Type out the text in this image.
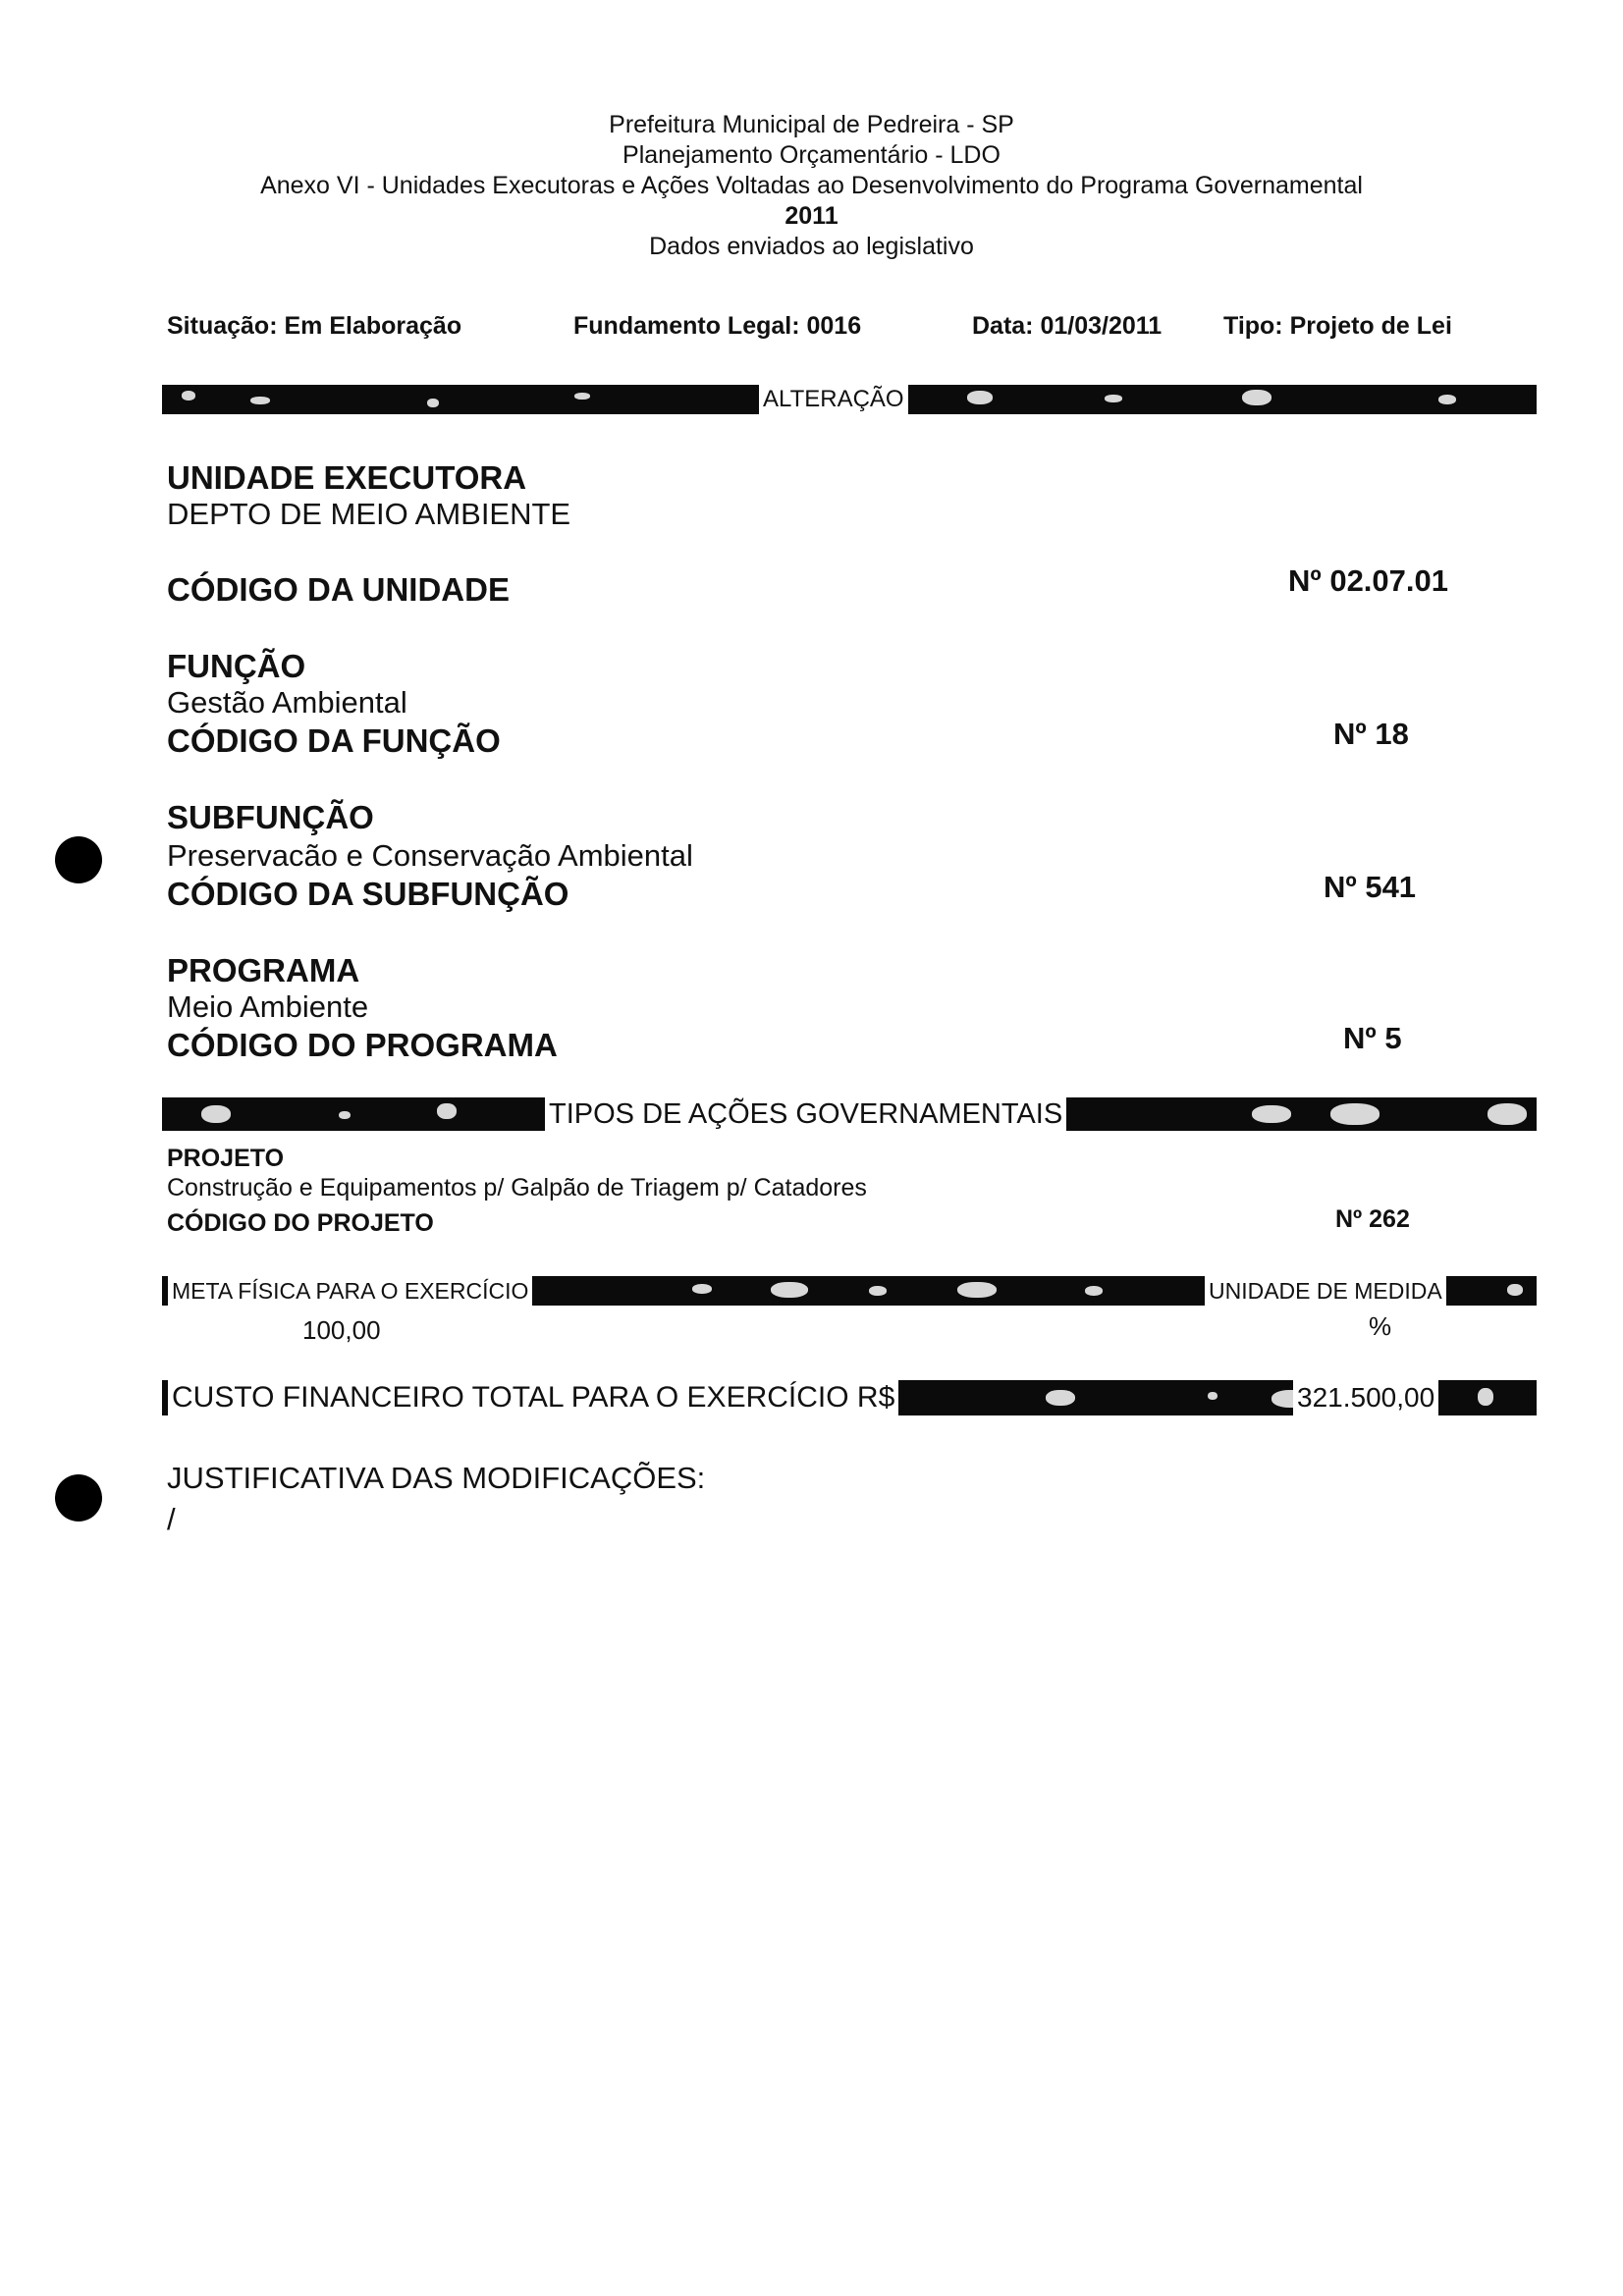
Prefeitura Municipal de Pedreira - SP
Planejamento Orçamentário - LDO
Anexo VI - Unidades Executoras e Ações Voltadas ao Desenvolvimento do Programa Governamental
2011
Dados enviados ao legislativo
Situação: Em Elaboração	Fundamento Legal: 0016	Data: 01/03/2011	Tipo: Projeto de Lei
ALTERAÇÃO
UNIDADE EXECUTORA
DEPTO DE MEIO AMBIENTE
CÓDIGO DA UNIDADE	Nº 02.07.01
FUNÇÃO
Gestão Ambiental
CÓDIGO DA FUNÇÃO	Nº 18
SUBFUNÇÃO
Preservacão e Conservação Ambiental
CÓDIGO DA SUBFUNÇÃO	Nº 541
PROGRAMA
Meio Ambiente
CÓDIGO DO PROGRAMA	Nº 5
TIPOS DE AÇÕES GOVERNAMENTAIS
PROJETO
Construção e Equipamentos p/ Galpão de Triagem p/ Catadores
CÓDIGO DO PROJETO	Nº 262
META FÍSICA PARA O EXERCÍCIO	UNIDADE DE MEDIDA
100,00	%
CUSTO FINANCEIRO TOTAL PARA O EXERCÍCIO R$	321.500,00
JUSTIFICATIVA DAS MODIFICAÇÕES:
/
